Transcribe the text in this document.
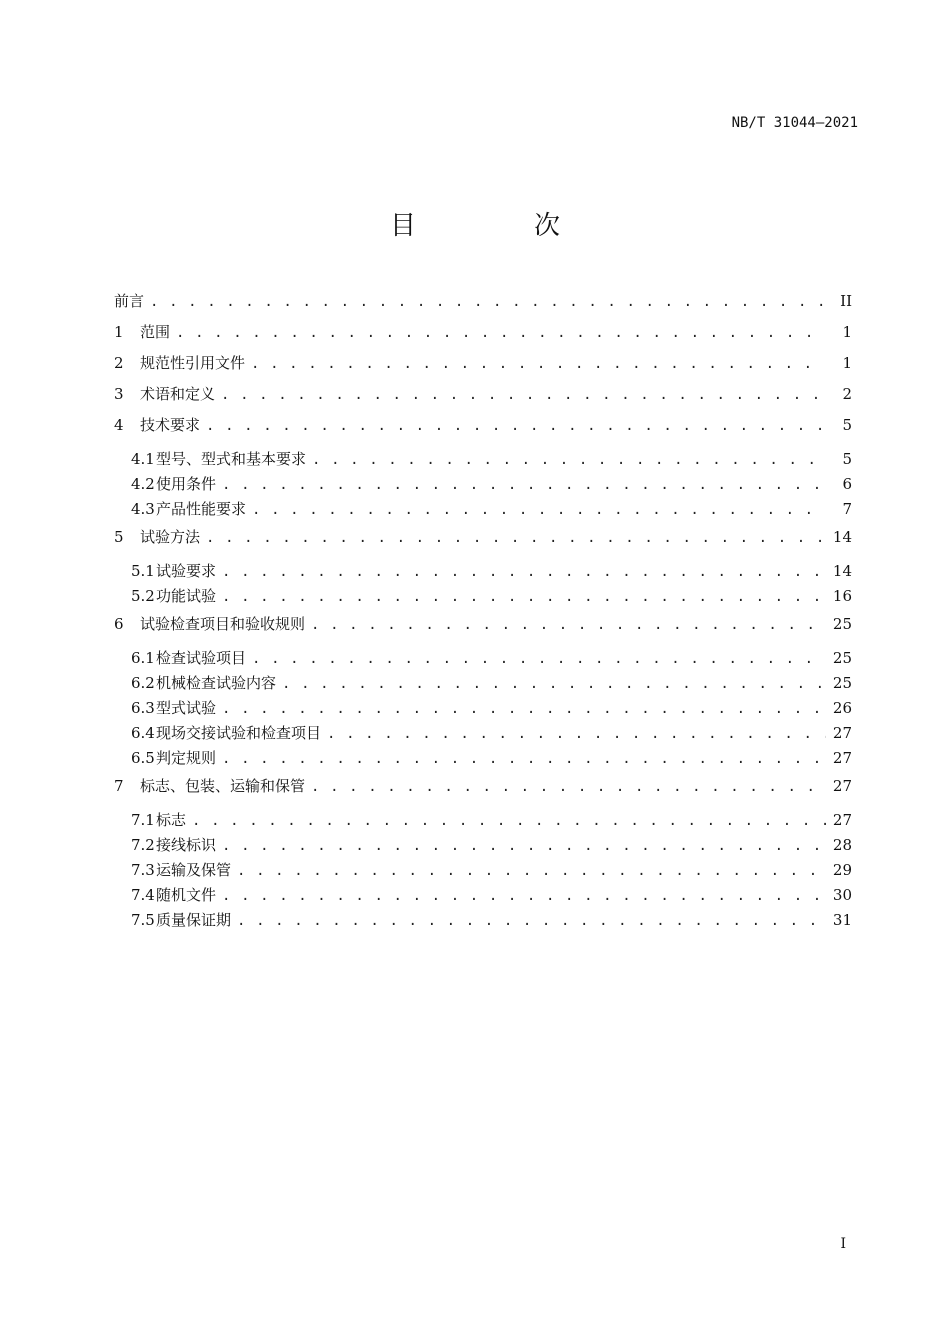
NB/T 31044—2021
目　次
前言 . . .	II
1	范围 . . .	1
2	规范性引用文件 . . .	1
3	术语和定义 . . .	2
4	技术要求 . . .	5
4.1 型号、型式和基本要求 . . .	5
4.2 使用条件 . . .	6
4.3 产品性能要求 . . .	7
5	试验方法 . . .	14
5.1 试验要求 . . .	14
5.2 功能试验 . . .	16
6	试验检查项目和验收规则 . . .	25
6.1 检查试验项目 . . .	25
6.2 机械检查试验内容 . . .	25
6.3 型式试验 . . .	26
6.4 现场交接试验和检查项目 . . .	27
6.5 判定规则 . . .	27
7	标志、包装、运输和保管 . . .	27
7.1 标志 . . .	27
7.2 接线标识 . . .	28
7.3 运输及保管 . . .	29
7.4 随机文件 . . .	30
7.5 质量保证期 . . .	31
I
